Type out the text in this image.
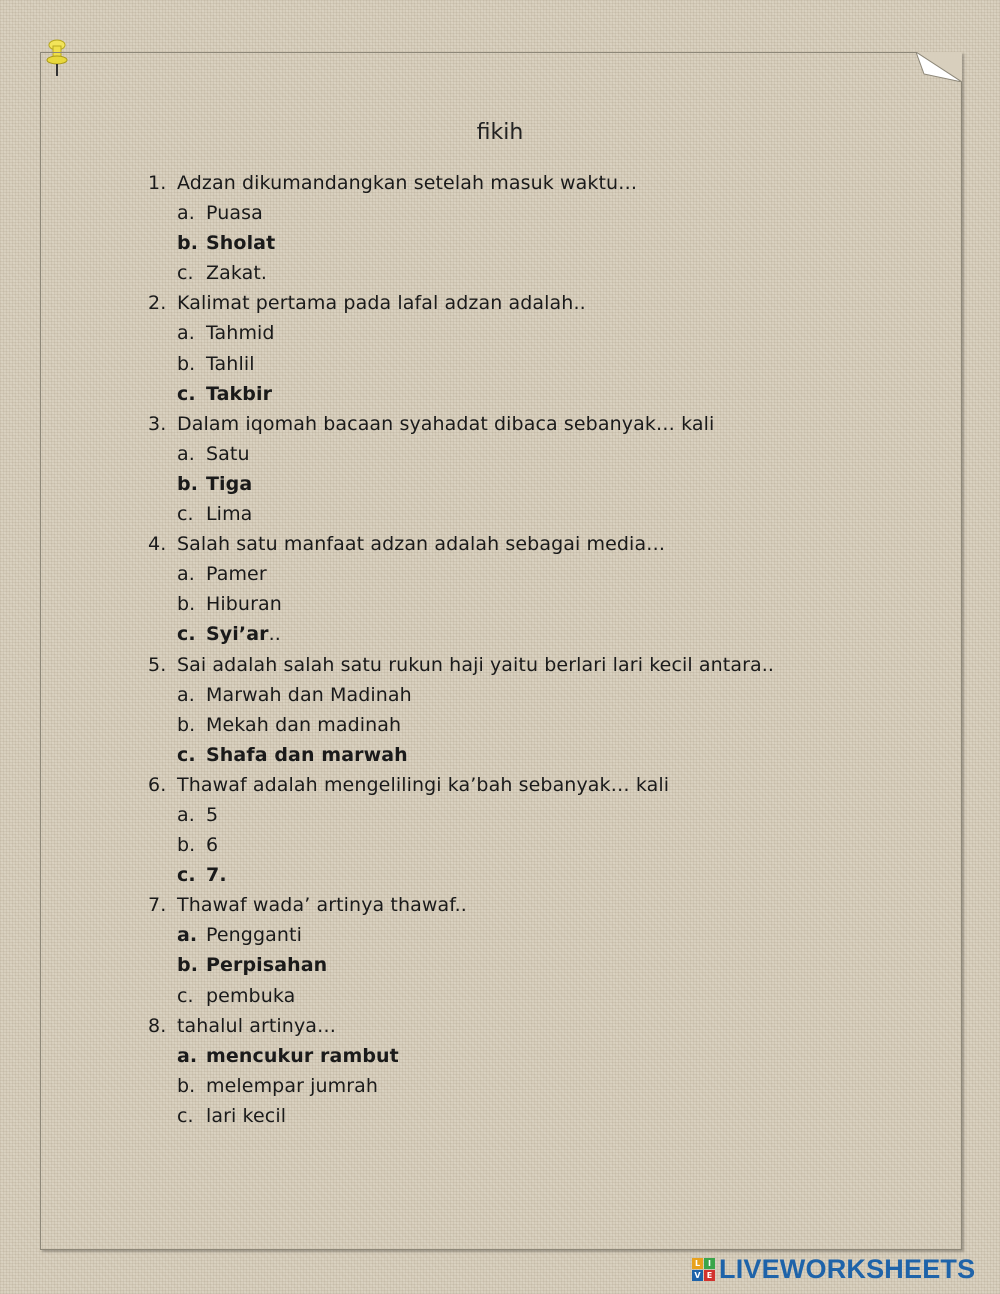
fikih
1. Adzan dikumandangkan setelah masuk waktu…
a. Puasa
b. Sholat
c. Zakat.
2. Kalimat pertama pada lafal adzan adalah..
a. Tahmid
b. Tahlil
c. Takbir
3. Dalam iqomah bacaan syahadat dibaca sebanyak… kali
a. Satu
b. Tiga
c. Lima
4. Salah satu manfaat adzan adalah sebagai media…
a. Pamer
b. Hiburan
c. Syi’ar ..
5. Sai adalah salah satu rukun haji yaitu berlari lari kecil antara..
a. Marwah dan Madinah
b. Mekah dan madinah
c. Shafa dan marwah
6. Thawaf adalah mengelilingi ka’bah sebanyak… kali
a. 5
b. 6
c. 7.
7. Thawaf wada’ artinya thawaf..
a. Pengganti
b. Perpisahan
c. pembuka
8. tahalul artinya…
a. mencukur rambut
b. melempar jumrah
c. lari kecil
L I
V E LIVEWORKSHEETS
